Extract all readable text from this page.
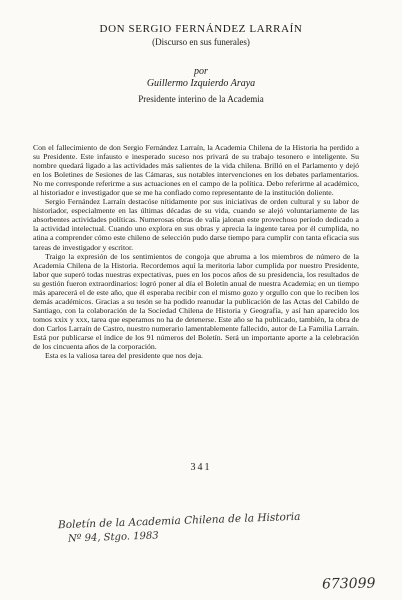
DON SERGIO FERNÁNDEZ LARRAÍN
(Discurso en sus funerales)
por
Guillermo Izquierdo Araya
Presidente interino de la Academia

Con el fallecimiento de don Sergio Fernández Larraín, la Academia Chilena de la Historia ha perdido a su Presidente. Este infausto e inesperado suceso nos privará de su trabajo tesonero e inteligente. Su nombre quedará ligado a las actividades más salientes de la vida chilena. Brilló en el Parlamento y dejó en los Boletines de Sesiones de las Cámaras, sus notables intervenciones en los debates parlamentarios. No me corresponde referirme a sus actuaciones en el campo de la política. Debo referirme al académico, al historiador e investigador que se me ha confiado como representante de la institución doliente.

Sergio Fernández Larraín destacóse nítidamente por sus iniciativas de orden cultural y su labor de historiador, especialmente en las últimas décadas de su vida, cuando se alejó voluntariamente de las absorbentes actividades políticas. Numerosas obras de valía jalonan este provechoso período dedicado a la actividad intelectual. Cuando uno explora en sus obras y aprecia la ingente tarea por él cumplida, no atina a comprender cómo este chileno de selección pudo darse tiempo para cumplir con tanta eficacia sus tareas de investigador y escritor.

Traigo la expresión de los sentimientos de congoja que abruma a los miembros de número de la Academia Chilena de la Historia. Recordemos aquí la meritoria labor cumplida por nuestro Presidente, labor que superó todas nuestras expectativas, pues en los pocos años de su presidencia, los resultados de su gestión fueron extraordinarios: logró poner al día el Boletín anual de nuestra Academia; en un tiempo más aparecerá el de este año, que él esperaba recibir con el mismo gozo y orgullo con que lo reciben los demás académicos. Gracias a su tesón se ha podido reanudar la publicación de las Actas del Cabildo de Santiago, con la colaboración de la Sociedad Chilena de Historia y Geografía, y así han aparecido los tomos xxix y xxx, tarea que esperamos no ha de detenerse. Este año se ha publicado, también, la obra de don Carlos Larraín de Castro, nuestro numerario lamentablemente fallecido, autor de La Familia Larraín. Está por publicarse el índice de los 91 números del Boletín. Será un importante aporte a la celebración de los cincuenta años de la corporación.

Esta es la valiosa tarea del presidente que nos deja.

341
Boletín de la Academia Chilena de la Historia
Nº 94, Stgo. 1983
673099
